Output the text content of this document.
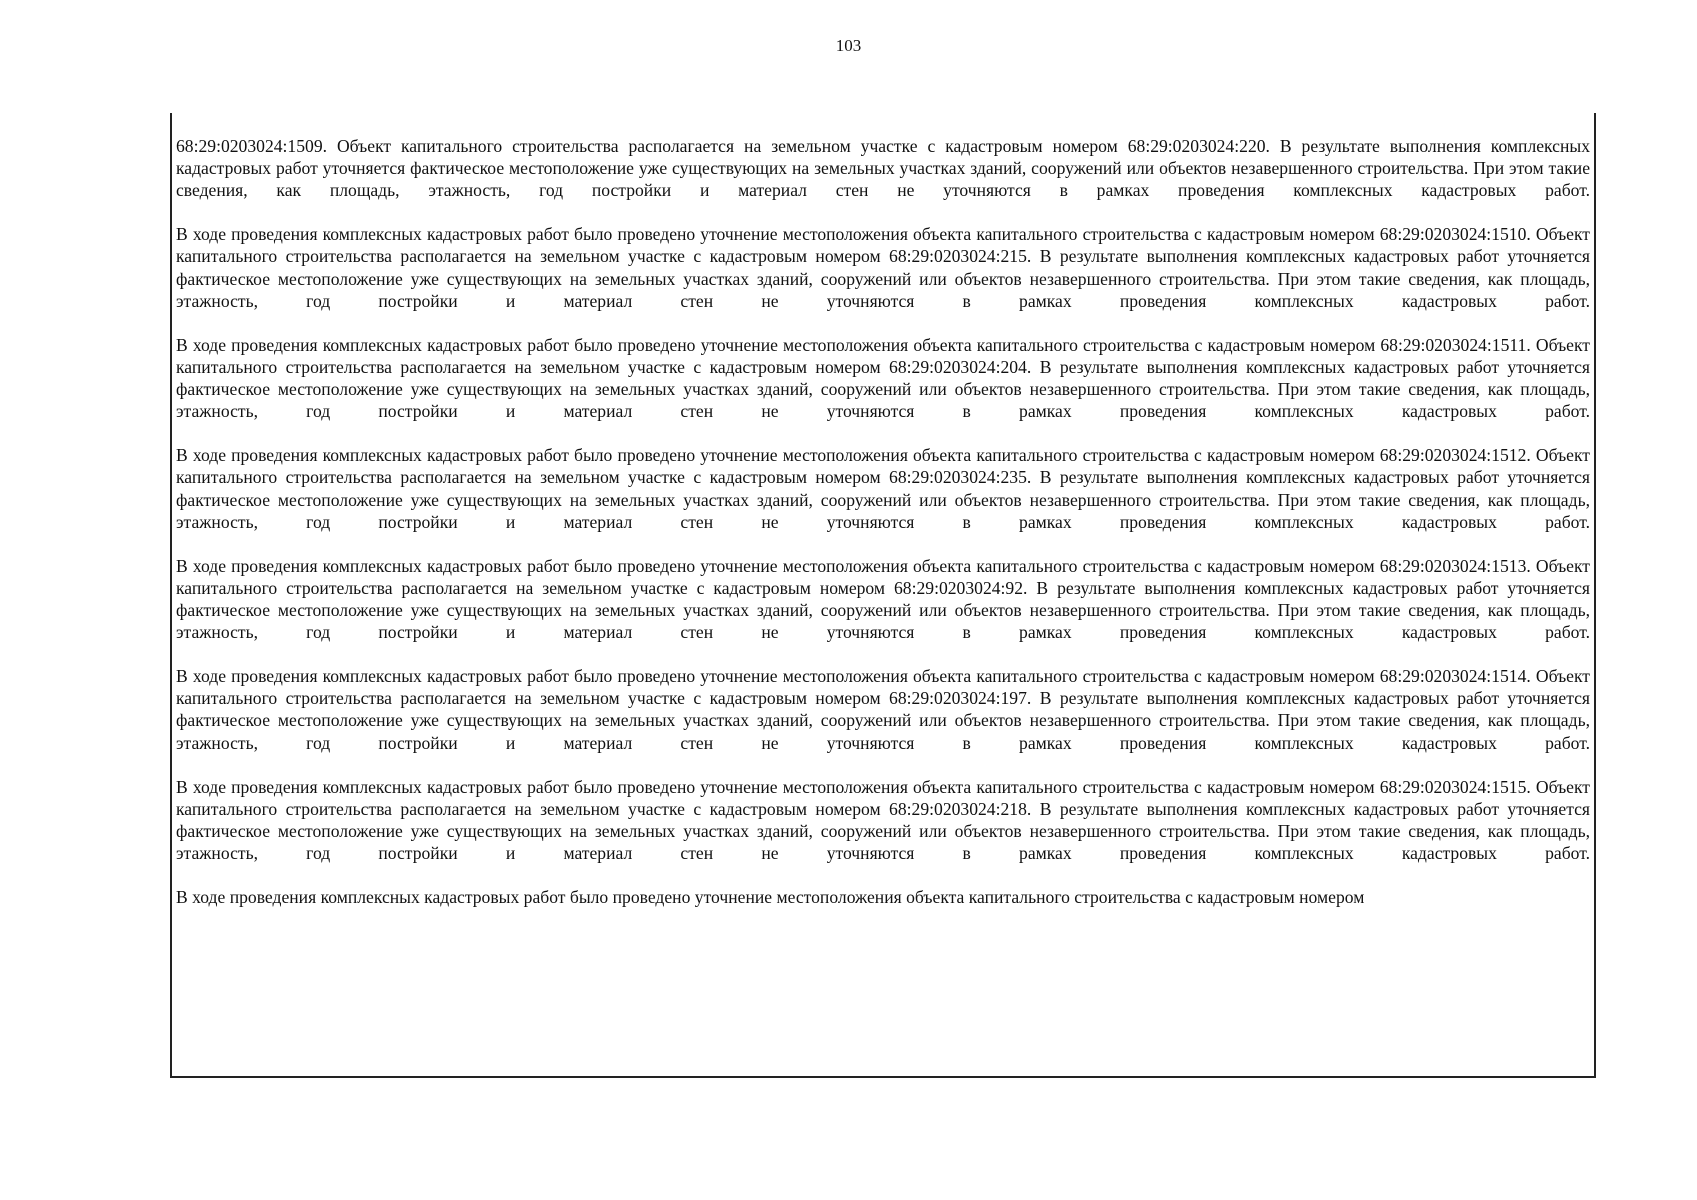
103

68:29:0203024:1509. Объект капитального строительства располагается на земельном участке с кадастровым номером 68:29:0203024:220. В результате выполнения комплексных кадастровых работ уточняется фактическое местоположение уже существующих на земельных участках зданий, сооружений или объектов незавершенного строительства. При этом такие сведения, как площадь, этажность, год постройки и материал стен не уточняются в рамках проведения комплексных кадастровых работ.

В ходе проведения комплексных кадастровых работ было проведено уточнение местоположения объекта капитального строительства с кадастровым номером 68:29:0203024:1510. Объект капитального строительства располагается на земельном участке с кадастровым номером 68:29:0203024:215. В результате выполнения комплексных кадастровых работ уточняется фактическое местоположение уже существующих на земельных участках зданий, сооружений или объектов незавершенного строительства. При этом такие сведения, как площадь, этажность, год постройки и материал стен не уточняются в рамках проведения комплексных кадастровых работ.

В ходе проведения комплексных кадастровых работ было проведено уточнение местоположения объекта капитального строительства с кадастровым номером 68:29:0203024:1511. Объект капитального строительства располагается на земельном участке с кадастровым номером 68:29:0203024:204. В результате выполнения комплексных кадастровых работ уточняется фактическое местоположение уже существующих на земельных участках зданий, сооружений или объектов незавершенного строительства. При этом такие сведения, как площадь, этажность, год постройки и материал стен не уточняются в рамках проведения комплексных кадастровых работ.

В ходе проведения комплексных кадастровых работ было проведено уточнение местоположения объекта капитального строительства с кадастровым номером 68:29:0203024:1512. Объект капитального строительства располагается на земельном участке с кадастровым номером 68:29:0203024:235. В результате выполнения комплексных кадастровых работ уточняется фактическое местоположение уже существующих на земельных участках зданий, сооружений или объектов незавершенного строительства. При этом такие сведения, как площадь, этажность, год постройки и материал стен не уточняются в рамках проведения комплексных кадастровых работ.

В ходе проведения комплексных кадастровых работ было проведено уточнение местоположения объекта капитального строительства с кадастровым номером 68:29:0203024:1513. Объект капитального строительства располагается на земельном участке с кадастровым номером 68:29:0203024:92. В результате выполнения комплексных кадастровых работ уточняется фактическое местоположение уже существующих на земельных участках зданий, сооружений или объектов незавершенного строительства. При этом такие сведения, как площадь, этажность, год постройки и материал стен не уточняются в рамках проведения комплексных кадастровых работ.

В ходе проведения комплексных кадастровых работ было проведено уточнение местоположения объекта капитального строительства с кадастровым номером 68:29:0203024:1514. Объект капитального строительства располагается на земельном участке с кадастровым номером 68:29:0203024:197. В результате выполнения комплексных кадастровых работ уточняется фактическое местоположение уже существующих на земельных участках зданий, сооружений или объектов незавершенного строительства. При этом такие сведения, как площадь, этажность, год постройки и материал стен не уточняются в рамках проведения комплексных кадастровых работ.

В ходе проведения комплексных кадастровых работ было проведено уточнение местоположения объекта капитального строительства с кадастровым номером 68:29:0203024:1515. Объект капитального строительства располагается на земельном участке с кадастровым номером 68:29:0203024:218. В результате выполнения комплексных кадастровых работ уточняется фактическое местоположение уже существующих на земельных участках зданий, сооружений или объектов незавершенного строительства. При этом такие сведения, как площадь, этажность, год постройки и материал стен не уточняются в рамках проведения комплексных кадастровых работ.

В ходе проведения комплексных кадастровых работ было проведено уточнение местоположения объекта капитального строительства с кадастровым номером
